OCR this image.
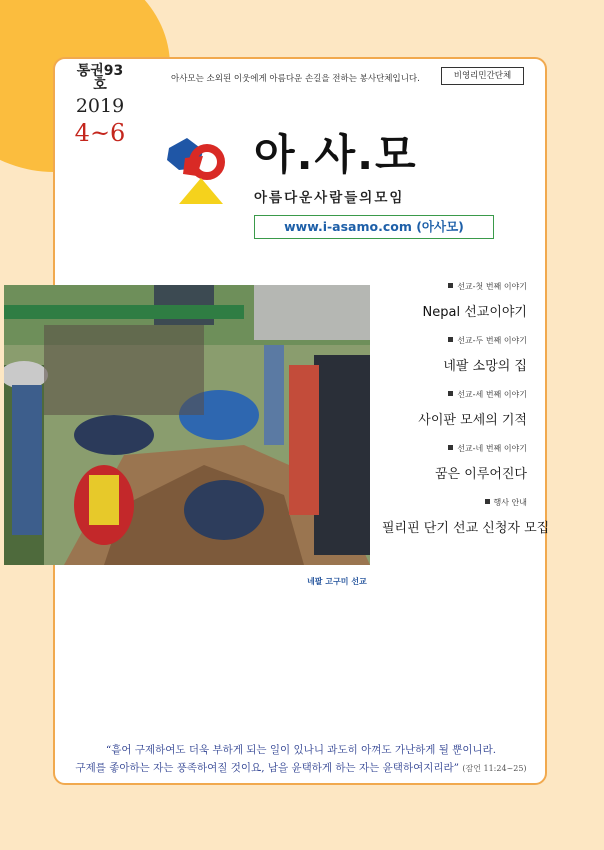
통권93호
2019
4~6
아사모는 소외된 이웃에게 아름다운 손길을 전하는 봉사단체입니다.	비영리민간단체
아.사.모
아름다운사람들의모임
www.i-asamo.com (아사모)
네팔 고구미 선교
선교-첫 번째 이야기
Nepal 선교이야기
선교-두 번째 이야기
네팔 소망의 집
선교-세 번째 이야기
사이판 모세의 기적
선교-네 번째 이야기
꿈은 이루어진다
행사 안내
필리핀 단기 선교 신청자 모집
“흩어 구제하여도 더욱 부하게 되는 일이 있나니 과도히 아껴도 가난하게 될 뿐이니라.
구제를 좋아하는 자는 풍족하여질 것이요, 남을 윤택하게 하는 자는 윤택하여지리라” (잠언 11:24~25)
